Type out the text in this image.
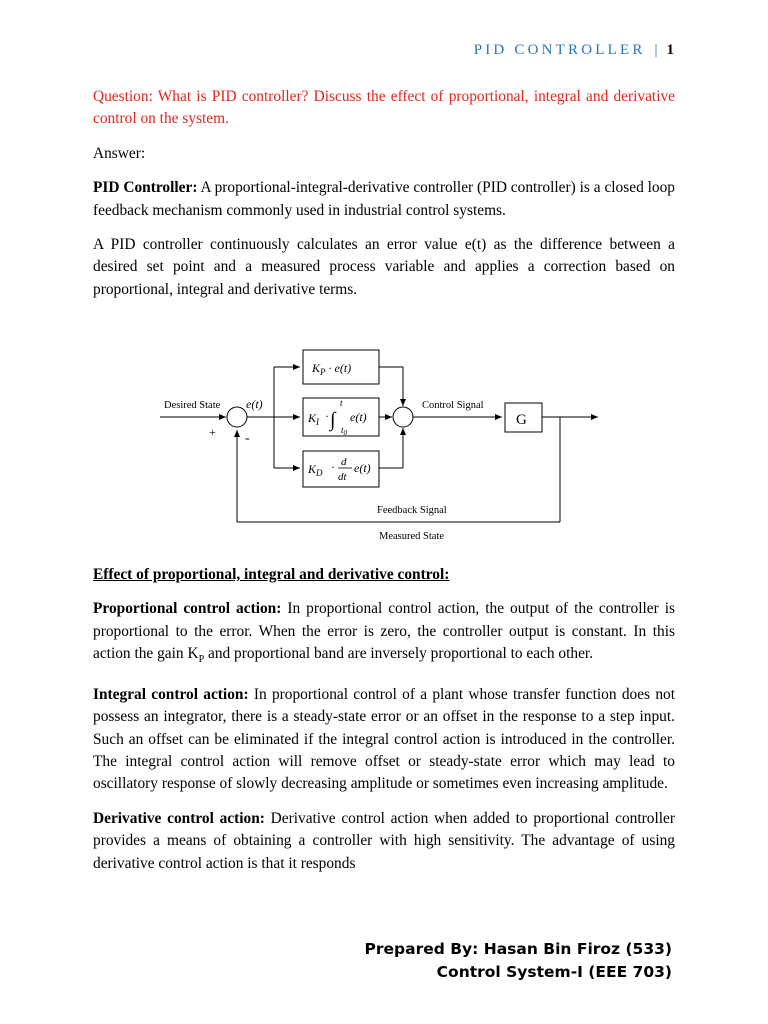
PID CONTROLLER | 1

Question: What is PID controller? Discuss the effect of proportional, integral and derivative control on the system.

Answer:

PID Controller: A proportional-integral-derivative controller (PID controller) is a closed loop feedback mechanism commonly used in industrial control systems.

A PID controller continuously calculates an error value e(t) as the difference between a desired set point and a measured process variable and applies a correction based on proportional, integral and derivative terms.

Desired State e(t)
+ -
$K_P \cdot e(t)$
$K_I$ · ∫
t
$t_0$
e(t)
$K_D \cdot d$
dt
e(t)
Control Signal
G
Feedback Signal
Measured State

Effect of proportional, integral and derivative control:

Proportional control action: In proportional control action, the output of the controller is proportional to the error. When the error is zero, the controller output is constant. In this action the gain $K_P$ and proportional band are inversely proportional to each other.

Integral control action: In proportional control of a plant whose transfer function does not possess an integrator, there is a steady-state error or an offset in the response to a step input. Such an offset can be eliminated if the integral control action is introduced in the controller. The integral control action will remove offset or steady-state error which may lead to oscillatory response of slowly decreasing amplitude or sometimes even increasing amplitude.

Derivative control action: Derivative control action when added to proportional controller provides a means of obtaining a controller with high sensitivity. The advantage of using derivative control action is that it responds

Prepared By: Hasan Bin Firoz (533)
Control System-I (EEE 703)
